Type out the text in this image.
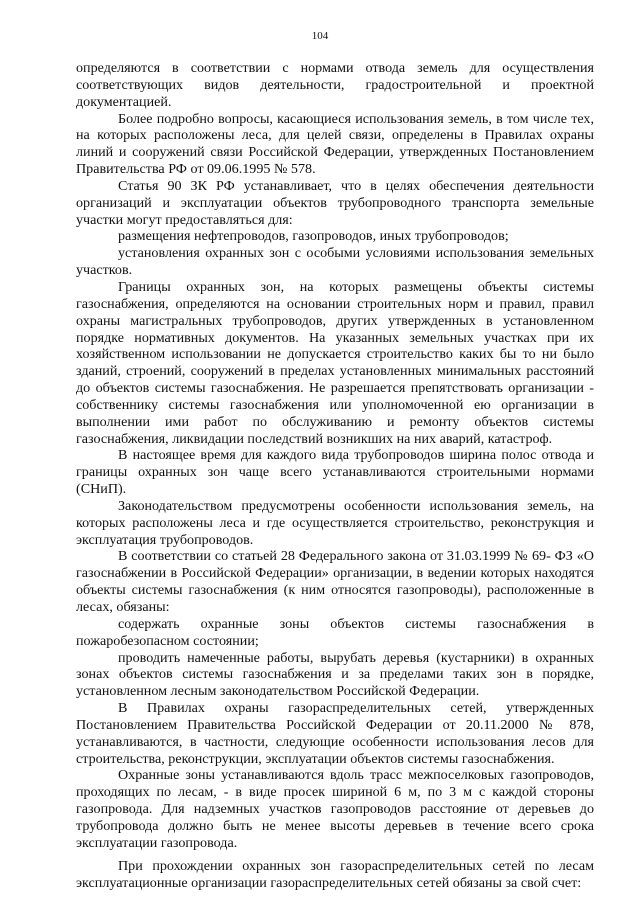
104

определяются в соответствии с нормами отвода земель для осуществления соответствующих видов деятельности, градостроительной и проектной документацией.

Более подробно вопросы, касающиеся использования земель, в том числе тех, на которых расположены леса, для целей связи, определены в Правилах охраны линий и сооружений связи Российской Федерации, утвержденных Постановлением Правительства РФ от 09.06.1995 № 578.

Статья 90 ЗК РФ устанавливает, что в целях обеспечения деятельности организаций и эксплуатации объектов трубопроводного транспорта земельные участки могут предоставляться для:

размещения нефтепроводов, газопроводов, иных трубопроводов;

установления охранных зон с особыми условиями использования земельных участков.

Границы охранных зон, на которых размещены объекты системы газоснабжения, определяются на основании строительных норм и правил, правил охраны магистральных трубопроводов, других утвержденных в установленном порядке нормативных документов. На указанных земельных участках при их хозяйственном использовании не допускается строительство каких бы то ни было зданий, строений, сооружений в пределах установленных минимальных расстояний до объектов системы газоснабжения. Не разрешается препятствовать организации - собственнику системы газоснабжения или уполномоченной ею организации в выполнении ими работ по обслуживанию и ремонту объектов системы газоснабжения, ликвидации последствий возникших на них аварий, катастроф.

В настоящее время для каждого вида трубопроводов ширина полос отвода и границы охранных зон чаще всего устанавливаются строительными нормами (СНиП).

Законодательством предусмотрены особенности использования земель, на которых расположены леса и где осуществляется строительство, реконструкция и эксплуатация трубопроводов.

В соответствии со статьей 28 Федерального закона от 31.03.1999 № 69- ФЗ «О газоснабжении в Российской Федерации» организации, в ведении которых находятся объекты системы газоснабжения (к ним относятся газопроводы), расположенные в лесах, обязаны:

содержать охранные зоны объектов системы газоснабжения в пожаробезопасном состоянии;

проводить намеченные работы, вырубать деревья (кустарники) в охранных зонах объектов системы газоснабжения и за пределами таких зон в порядке, установленном лесным законодательством Российской Федерации.

В Правилах охраны газораспределительных сетей, утвержденных Постановлением Правительства Российской Федерации от 20.11.2000 № 878, устанавливаются, в частности, следующие особенности использования лесов для строительства, реконструкции, эксплуатации объектов системы газоснабжения.

Охранные зоны устанавливаются вдоль трасс межпоселковых газопроводов, проходящих по лесам, - в виде просек шириной 6 м, по 3 м с каждой стороны газопровода. Для надземных участков газопроводов расстояние от деревьев до трубопровода должно быть не менее высоты деревьев в течение всего срока эксплуатации газопровода.

При прохождении охранных зон газораспределительных сетей по лесам эксплуатационные организации газораспределительных сетей обязаны за свой счет:
